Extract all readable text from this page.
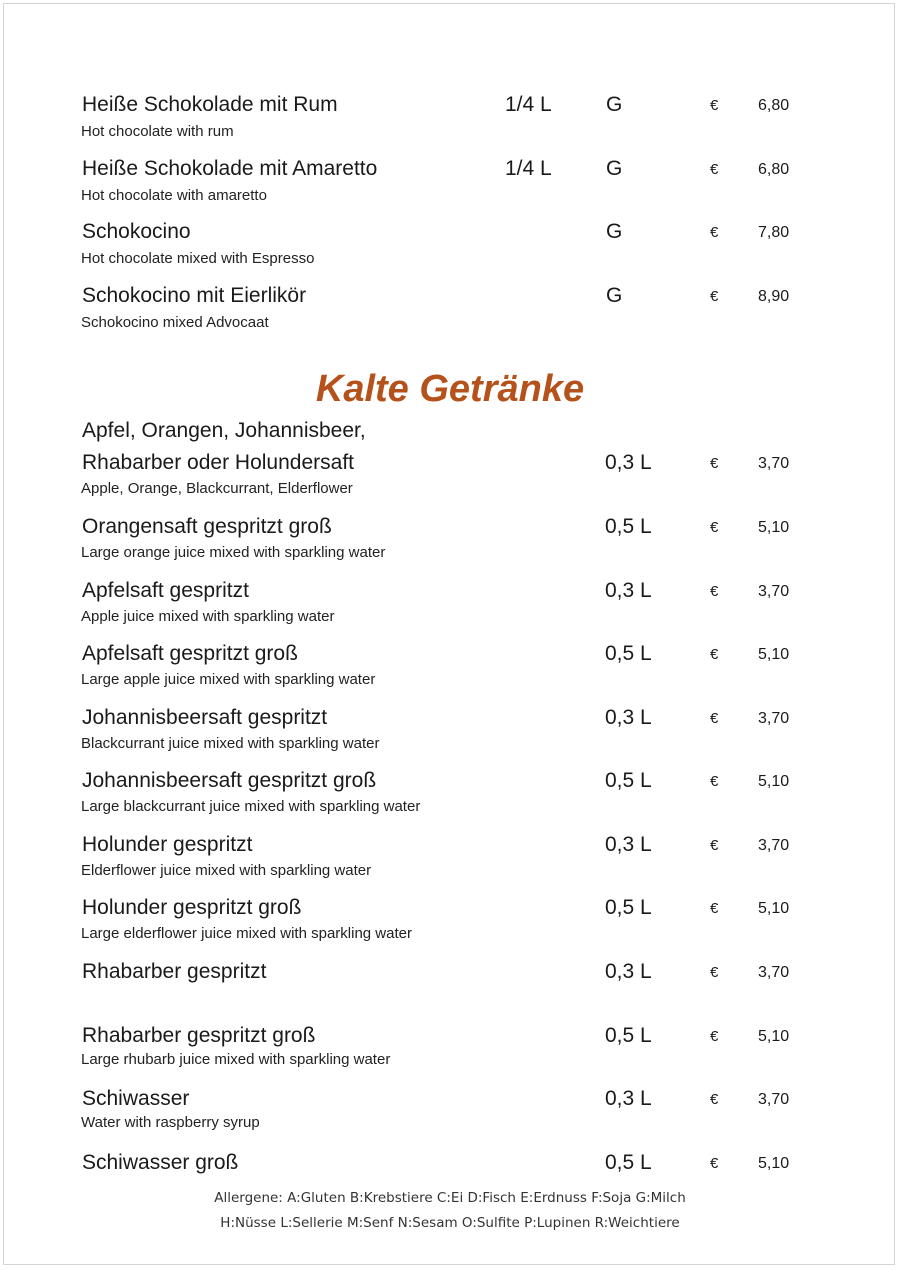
Heiße Schokolade mit Rum
Hot chocolate with rum
1/4 L	G	€ 6,80
Heiße Schokolade mit Amaretto
Hot chocolate with amaretto
1/4 L	G	€ 6,80
Schokocino
Hot chocolate mixed with Espresso
G	€ 7,80
Schokocino mit Eierlikör
Schokocino mixed Advocaat
G	€ 8,90
Kalte Getränke
Apfel, Orangen, Johannisbeer,
Rhabarber oder Holundersaft
Apple, Orange, Blackcurrant, Elderflower
0,3 L	€ 3,70
Orangensaft gespritzt groß
Large orange juice mixed with sparkling water
0,5 L	€ 5,10
Apfelsaft gespritzt
Apple juice mixed with sparkling water
0,3 L	€ 3,70
Apfelsaft gespritzt groß
Large apple juice mixed with sparkling water
0,5 L	€ 5,10
Johannisbeersaft gespritzt
Blackcurrant juice mixed with sparkling water
0,3 L	€ 3,70
Johannisbeersaft gespritzt groß
Large blackcurrant juice mixed with sparkling water
0,5 L	€ 5,10
Holunder gespritzt
Elderflower juice mixed with sparkling water
0,3 L	€ 3,70
Holunder gespritzt groß
Large elderflower juice mixed with sparkling water
0,5 L	€ 5,10
Rhabarber gespritzt	0,3 L	€ 3,70
Rhabarber gespritzt groß
Large rhubarb juice mixed with sparkling water
0,5 L	€ 5,10
Schiwasser
Water with raspberry syrup
0,3 L	€ 3,70
Schiwasser groß	0,5 L	€ 5,10
Allergene: A:Gluten B:Krebstiere C:Ei D:Fisch E:Erdnuss F:Soja G:Milch
H:Nüsse L:Sellerie M:Senf N:Sesam O:Sulfite P:Lupinen R:Weichtiere
